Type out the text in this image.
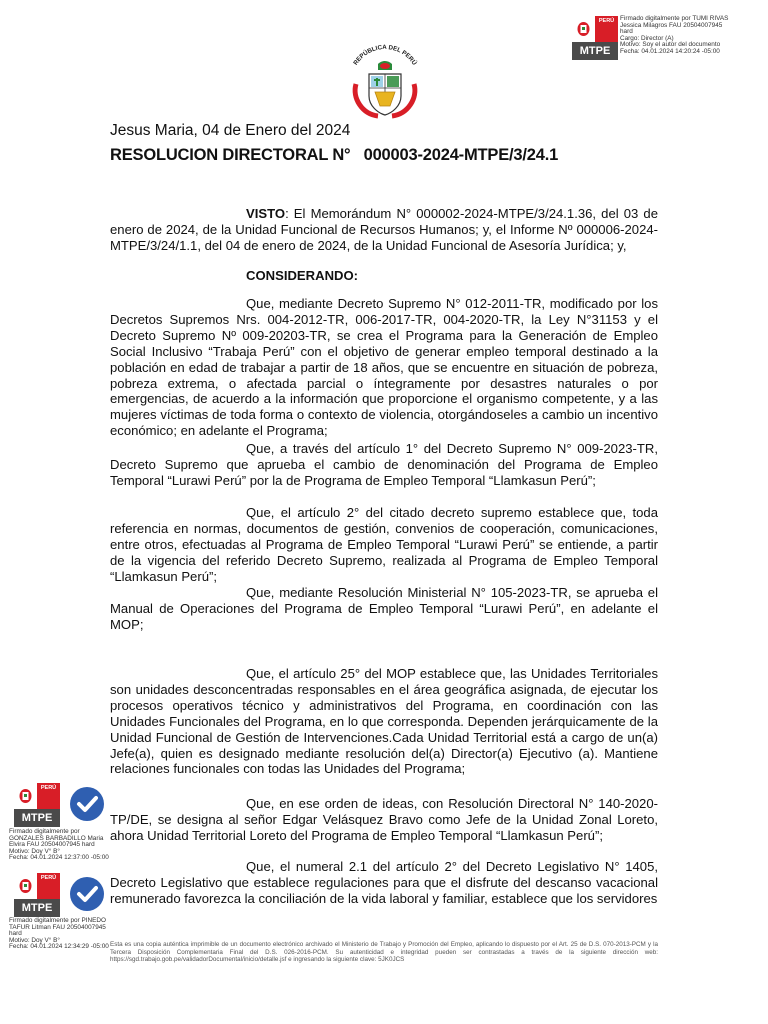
PERÚ
MTPE
Firmado digitalmente por TUMI RIVAS
Jessica Milagros FAU 20504007945
hard
Cargo: Director (A)
Motivo: Soy el autor del documento
Fecha: 04.01.2024 14:20:24 -05:00
REPÚBLICA DEL PERÚ
Jesus Maria, 04 de Enero del 2024
RESOLUCION DIRECTORAL N°   000003-2024-MTPE/3/24.1
VISTO: El Memorándum N° 000002-2024-MTPE/3/24.1.36, del 03 de enero de 2024, de la Unidad Funcional de Recursos Humanos; y, el Informe Nº 000006-2024-MTPE/3/24/1.1, del 04 de enero de 2024, de la Unidad Funcional de Asesoría Jurídica; y,
CONSIDERANDO:
Que, mediante Decreto Supremo N° 012-2011-TR, modificado por los Decretos Supremos Nrs. 004-2012-TR, 006-2017-TR, 004-2020-TR, la Ley N°31153 y el Decreto Supremo Nº 009-20203-TR, se crea el Programa para la Generación de Empleo Social Inclusivo “Trabaja Perú” con el objetivo de generar empleo temporal destinado a la población en edad de trabajar a partir de 18 años, que se encuentre en situación de pobreza, pobreza extrema, o afectada parcial o íntegramente por desastres naturales o por emergencias, de acuerdo a la información que proporcione el organismo competente, y a las mujeres víctimas de toda forma o contexto de violencia, otorgándoseles a cambio un incentivo económico; en adelante el Programa;
Que, a través del artículo 1° del Decreto Supremo N° 009-2023-TR, Decreto Supremo que aprueba el cambio de denominación del Programa de Empleo Temporal “Lurawi Perú” por la de Programa de Empleo Temporal “Llamkasun Perú”;
Que, el artículo 2° del citado decreto supremo establece que, toda referencia en normas, documentos de gestión, convenios de cooperación, comunicaciones, entre otros, efectuadas al Programa de Empleo Temporal “Lurawi Perú” se entiende, a partir de la vigencia del referido Decreto Supremo, realizada al Programa de Empleo Temporal “Llamkasun Perú”;
Que, mediante Resolución Ministerial N° 105-2023-TR, se aprueba el Manual de Operaciones del Programa de Empleo Temporal “Lurawi Perú”, en adelante el MOP;
Que, el artículo 25° del MOP establece que, las Unidades Territoriales son unidades desconcentradas responsables en el área geográfica asignada, de ejecutar los procesos operativos técnico y administrativos del Programa, en coordinación con las Unidades Funcionales del Programa, en lo que corresponda. Dependen jerárquicamente de la Unidad Funcional de Gestión de Intervenciones.Cada Unidad Territorial está a cargo de un(a) Jefe(a), quien es designado mediante resolución del(a) Director(a) Ejecutivo (a). Mantiene relaciones funcionales con todas las Unidades del Programa;
Que, en ese orden de ideas, con Resolución Directoral N° 140-2020-TP/DE, se designa al señor Edgar Velásquez Bravo como Jefe de la Unidad Zonal Loreto, ahora Unidad Territorial Loreto del Programa de Empleo Temporal “Llamkasun Perú”;
Que, el numeral 2.1 del artículo 2° del Decreto Legislativo N° 1405, Decreto Legislativo que establece regulaciones para que el disfrute del descanso vacacional remunerado favorezca la conciliación de la vida laboral y familiar, establece que los servidores
PERÚ
MTPE
Firmado digitalmente por
GONZALES BARBADILLO Maria
Elvira FAU 20504007945 hard
Motivo: Doy V° B°
Fecha: 04.01.2024 12:37:00 -05:00
PERÚ
MTPE
Firmado digitalmente por PINEDO
TAFUR Litman FAU 20504007945
hard
Motivo: Doy V° B°
Fecha: 04.01.2024 12:34:29 -05:00 Esta es una copia auténtica imprimible de un documento electrónico archivado el Ministerio de Trabajo y Promoción del Empleo, aplicando lo dispuesto por el Art. 25 de D.S. 070-2013-PCM y la Tercera Disposición Complementaria Final del D.S. 026-2016-PCM. Su autenticidad e integridad pueden ser contrastadas a través de la siguiente dirección web: https://sgd.trabajo.gob.pe/validadorDocumental/inicio/detalle.jsf e ingresando la siguiente clave: 5JK0JCS
